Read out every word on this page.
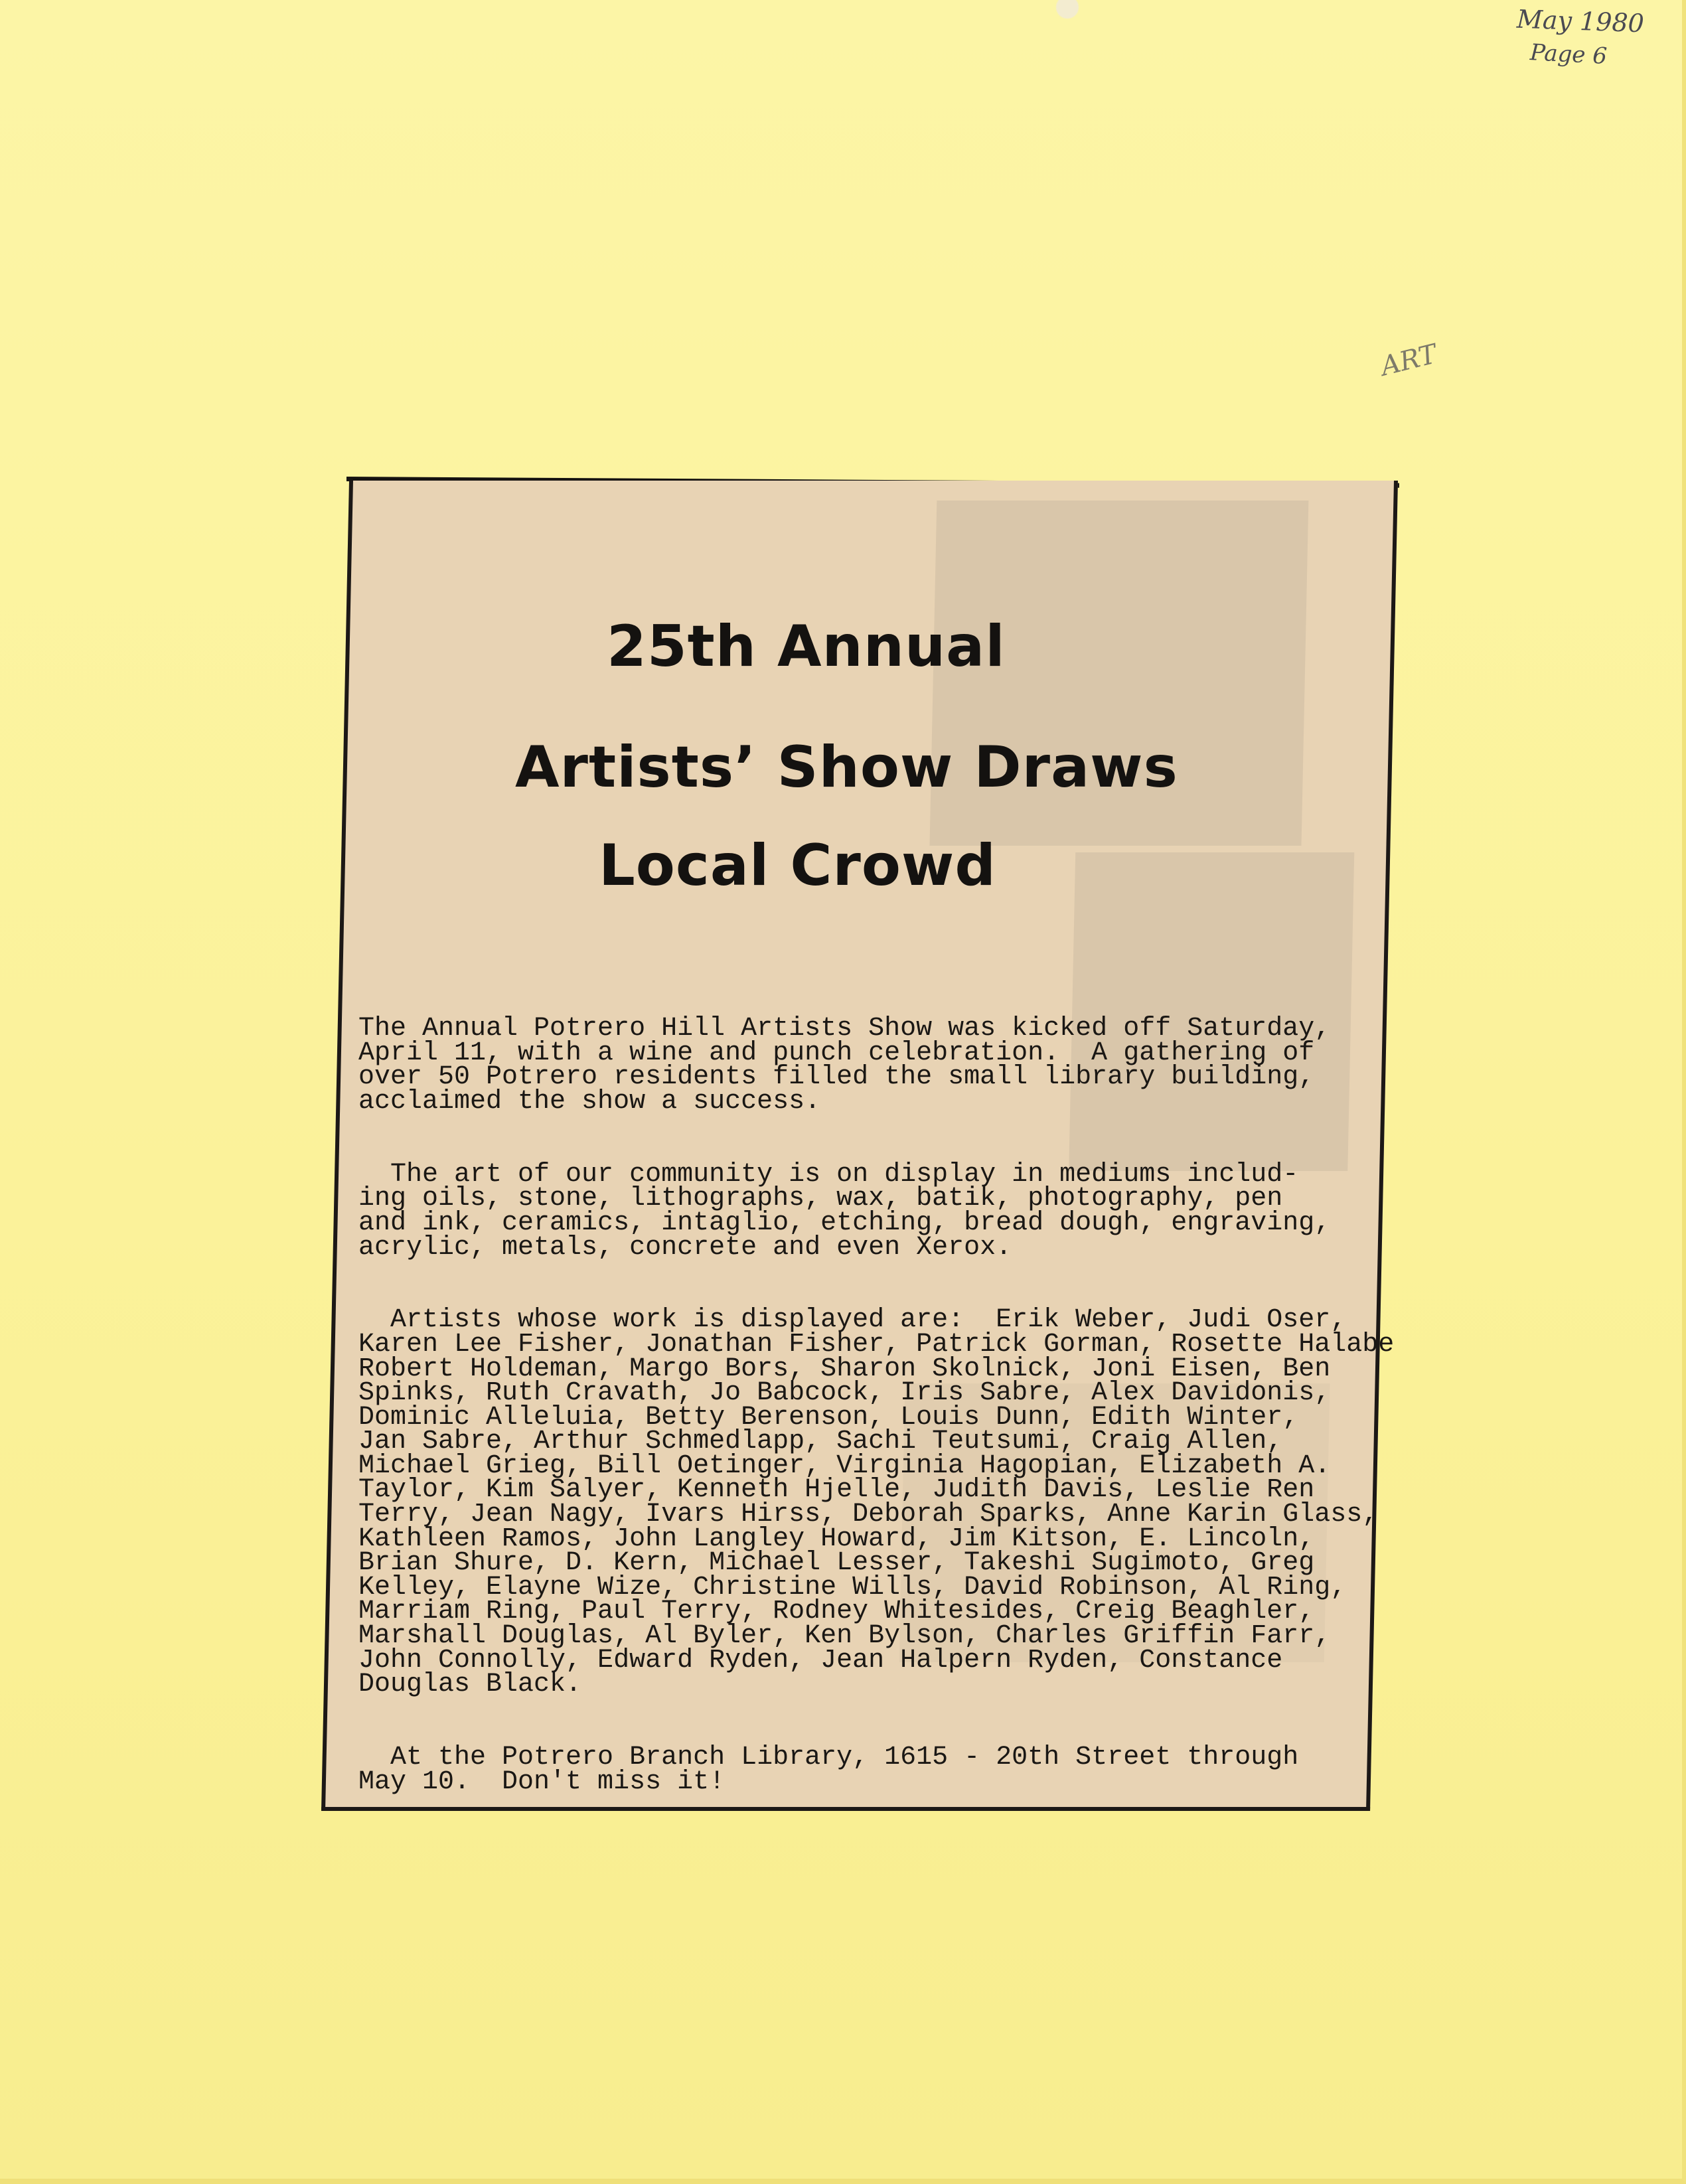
May 1980
Page 6
ART
25th Annual
Artists’ Show Draws
Local Crowd

The Annual Potrero Hill Artists Show was kicked off Saturday,
April 11, with a wine and punch celebration.  A gathering of
over 50 Potrero residents filled the small library building,
acclaimed the show a success.

The art of our community is on display in mediums includ-
ing oils, stone, lithographs, wax, batik, photography, pen
and ink, ceramics, intaglio, etching, bread dough, engraving,
acrylic, metals, concrete and even Xerox.

Artists whose work is displayed are:  Erik Weber, Judi Oser,
Karen Lee Fisher, Jonathan Fisher, Patrick Gorman, Rosette Halabe
Robert Holdeman, Margo Bors, Sharon Skolnick, Joni Eisen, Ben
Spinks, Ruth Cravath, Jo Babcock, Iris Sabre, Alex Davidonis,
Dominic Alleluia, Betty Berenson, Louis Dunn, Edith Winter,
Jan Sabre, Arthur Schmedlapp, Sachi Teutsumi, Craig Allen,
Michael Grieg, Bill Oetinger, Virginia Hagopian, Elizabeth A.
Taylor, Kim Salyer, Kenneth Hjelle, Judith Davis, Leslie Ren
Terry, Jean Nagy, Ivars Hirss, Deborah Sparks, Anne Karin Glass,
Kathleen Ramos, John Langley Howard, Jim Kitson, E. Lincoln,
Brian Shure, D. Kern, Michael Lesser, Takeshi Sugimoto, Greg
Kelley, Elayne Wize, Christine Wills, David Robinson, Al Ring,
Marriam Ring, Paul Terry, Rodney Whitesides, Creig Beaghler,
Marshall Douglas, Al Byler, Ken Bylson, Charles Griffin Farr,
John Connolly, Edward Ryden, Jean Halpern Ryden, Constance
Douglas Black.

At the Potrero Branch Library, 1615 - 20th Street through
May 10.  Don't miss it!
